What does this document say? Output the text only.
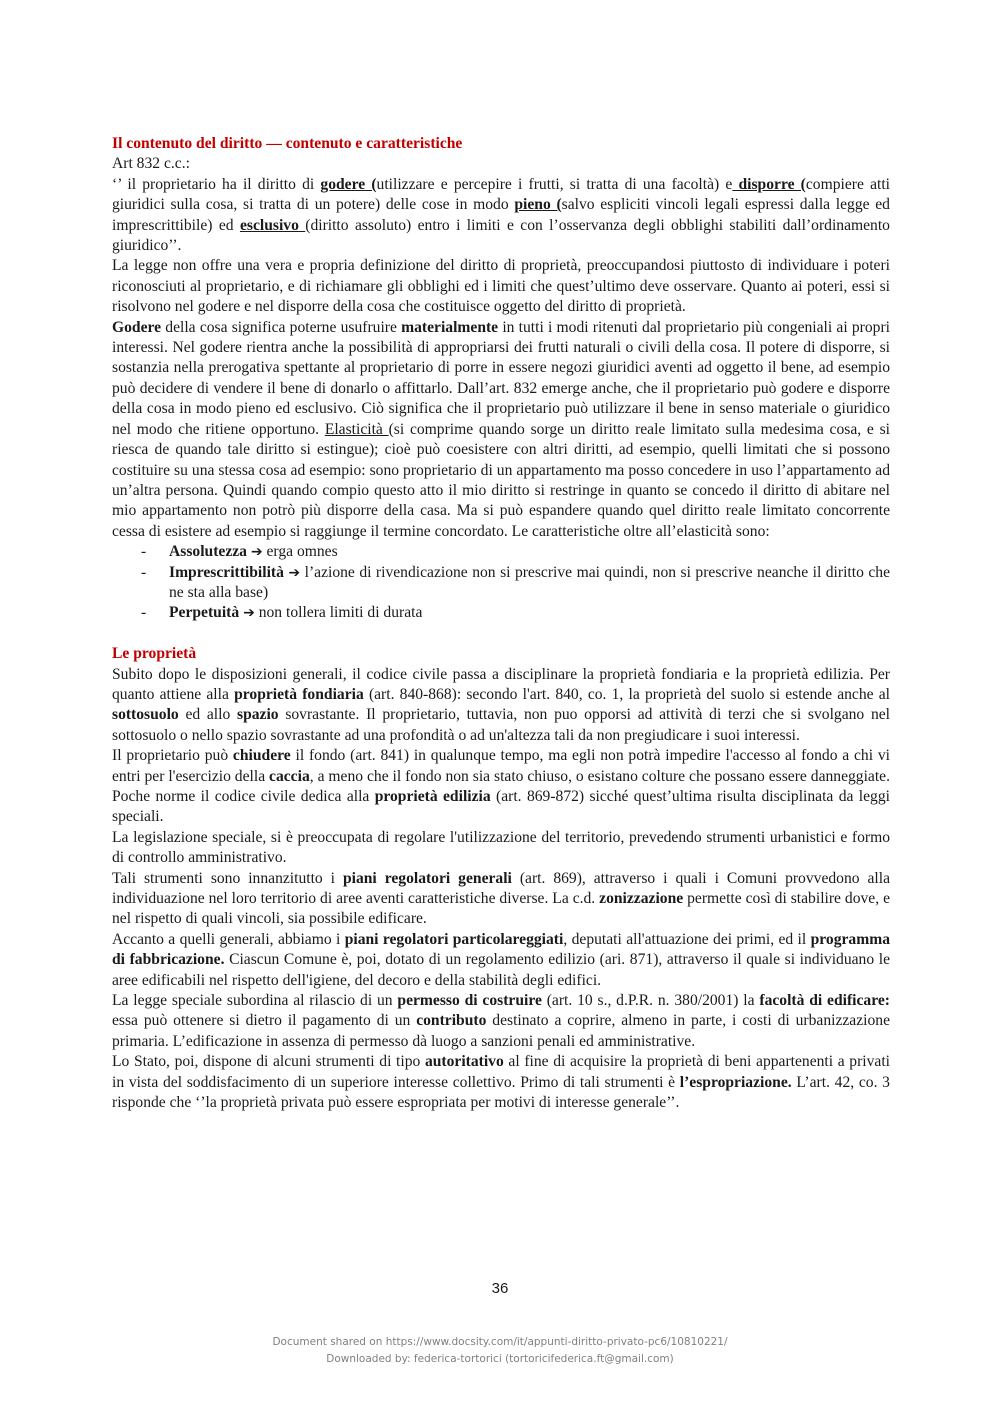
Il contenuto del diritto — contenuto e caratteristiche

Art 832 c.c.:

‘’ il proprietario ha il diritto di godere (utilizzare e percepire i frutti, si tratta di una facoltà) e disporre (compiere atti giuridici sulla cosa, si tratta di un potere) delle cose in modo pieno (salvo espliciti vincoli legali espressi dalla legge ed imprescrittibile) ed esclusivo (diritto assoluto) entro i limiti e con l’osservanza degli obblighi stabiliti dall’ordinamento giuridico’’.

La legge non offre una vera e propria definizione del diritto di proprietà, preoccupandosi piuttosto di individuare i poteri riconosciuti al proprietario, e di richiamare gli obblighi ed i limiti che quest’ultimo deve osservare. Quanto ai poteri, essi si risolvono nel godere e nel disporre della cosa che costituisce oggetto del diritto di proprietà.

Godere della cosa significa poterne usufruire materialmente in tutti i modi ritenuti dal proprietario più congeniali ai propri interessi. Nel godere rientra anche la possibilità di appropriarsi dei frutti naturali o civili della cosa. Il potere di disporre, si sostanzia nella prerogativa spettante al proprietario di porre in essere negozi giuridici aventi ad oggetto il bene, ad esempio può decidere di vendere il bene di donarlo o affittarlo. Dall’art. 832 emerge anche, che il proprietario può godere e disporre della cosa in modo pieno ed esclusivo. Ciò significa che il proprietario può utilizzare il bene in senso materiale o giuridico nel modo che ritiene opportuno. Elasticità (si comprime quando sorge un diritto reale limitato sulla medesima cosa, e si riesca de quando tale diritto si estingue); cioè può coesistere con altri diritti, ad esempio, quelli limitati che si possono costituire su una stessa cosa ad esempio: sono proprietario di un appartamento ma posso concedere in uso l’appartamento ad un’altra persona. Quindi quando compio questo atto il mio diritto si restringe in quanto se concedo il diritto di abitare nel mio appartamento non potrò più disporre della casa. Ma si può espandere quando quel diritto reale limitato concorrente cessa di esistere ad esempio si raggiunge il termine concordato. Le caratteristiche oltre all’elasticità sono:

- Assolutezza ➔ erga omnes
- Imprescrittibilità ➔ l’azione di rivendicazione non si prescrive mai quindi, non si prescrive neanche il diritto che ne sta alla base)
- Perpetuità ➔ non tollera limiti di durata

Le proprietà

Subito dopo le disposizioni generali, il codice civile passa a disciplinare la proprietà fondiaria e la proprietà edilizia. Per quanto attiene alla proprietà fondiaria (art. 840-868): secondo l'art. 840, co. 1, la proprietà del suolo si estende anche al sottosuolo ed allo spazio sovrastante. Il proprietario, tuttavia, non puo opporsi ad attività di terzi che si svolgano nel sottosuolo o nello spazio sovrastante ad una profondità o ad un'altezza tali da non pregiudicare i suoi interessi.

Il proprietario può chiudere il fondo (art. 841) in qualunque tempo, ma egli non potrà impedire l'accesso al fondo a chi vi entri per l'esercizio della caccia, a meno che il fondo non sia stato chiuso, o esistano colture che possano essere danneggiate. Poche norme il codice civile dedica alla proprietà edilizia (art. 869-872) sicché quest’ultima risulta disciplinata da leggi speciali.

La legislazione speciale, si è preoccupata di regolare l'utilizzazione del territorio, prevedendo strumenti urbanistici e formo di controllo amministrativo.

Tali strumenti sono innanzitutto i piani regolatori generali (art. 869), attraverso i quali i Comuni provvedono alla individuazione nel loro territorio di aree aventi caratteristiche diverse. La c.d. zonizzazione permette così di stabilire dove, e nel rispetto di quali vincoli, sia possibile edificare.

Accanto a quelli generali, abbiamo i piani regolatori particolareggiati, deputati all'attuazione dei primi, ed il programma di fabbricazione. Ciascun Comune è, poi, dotato di un regolamento edilizio (ari. 871), attraverso il quale si individuano le aree edificabili nel rispetto dell'igiene, del decoro e della stabilità degli edifici.

La legge speciale subordina al rilascio di un permesso di costruire (art. 10 s., d.P.R. n. 380/2001) la facoltà di edificare: essa può ottenere si dietro il pagamento di un contributo destinato a coprire, almeno in parte, i costi di urbanizzazione primaria. L’edificazione in assenza di permesso dà luogo a sanzioni penali ed amministrative.

Lo Stato, poi, dispone di alcuni strumenti di tipo autoritativo al fine di acquisire la proprietà di beni appartenenti a privati in vista del soddisfacimento di un superiore interesse collettivo. Primo di tali strumenti è l’espropriazione. L’art. 42, co. 3 risponde che ‘’la proprietà privata può essere espropriata per motivi di interesse generale’’.

36
Document shared on https://www.docsity.com/it/appunti-diritto-privato-pc6/10810221/
Downloaded by: federica-tortorici (tortoricifederica.ft@gmail.com)
